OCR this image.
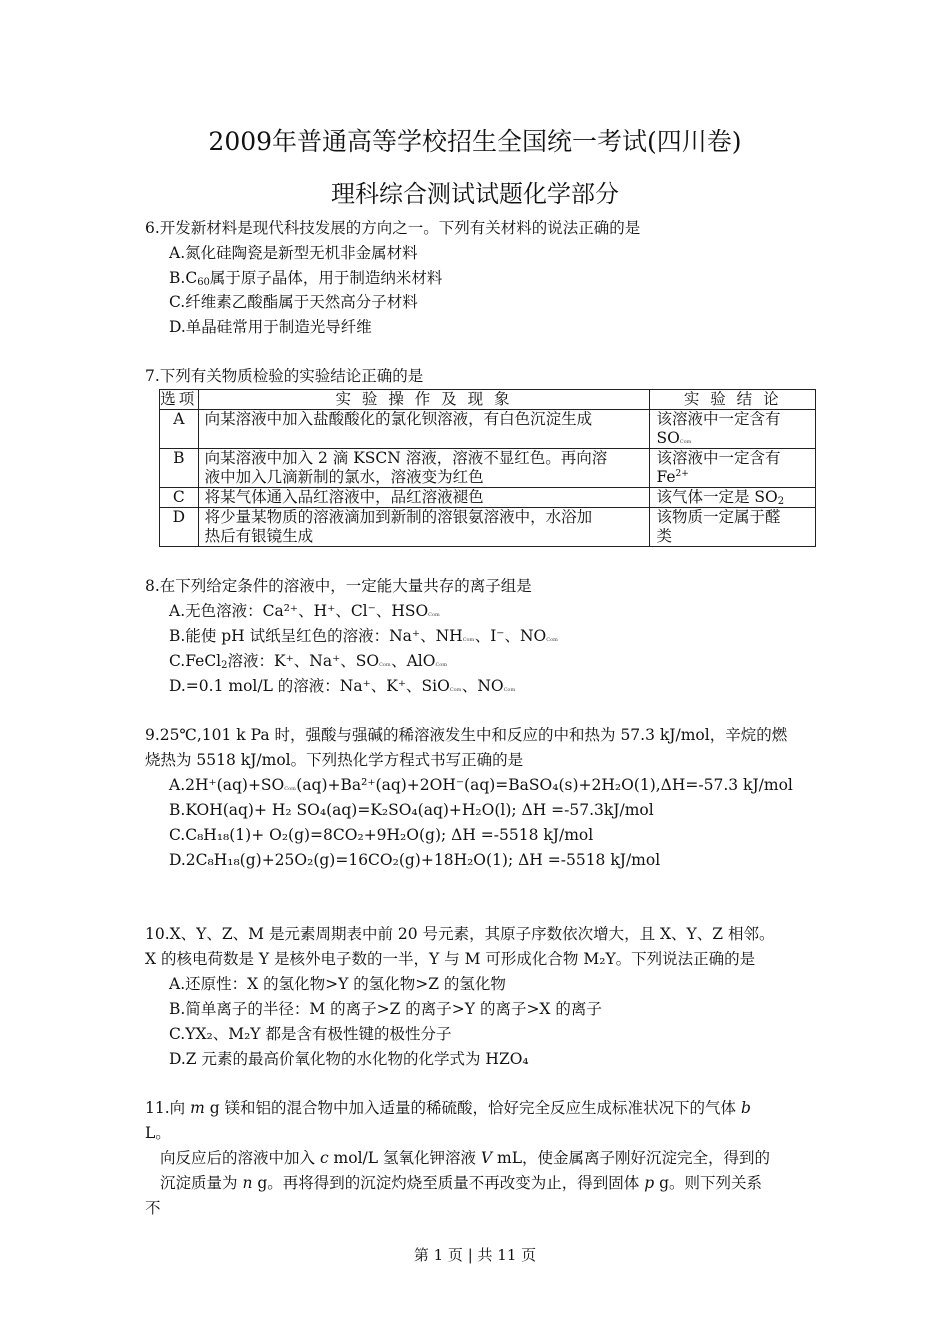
2009年普通高等学校招生全国统一考试(四川卷)
理科综合测试试题化学部分
6.开发新材料是现代科技发展的方向之一。下列有关材料的说法正确的是
A.氮化硅陶瓷是新型无机非金属材料
$B.C_{60}$属于原子晶体，用于制造纳米材料
C.纤维素乙酸酯属于天然高分子材料
D.单晶硅常用于制造光导纤维
7.下列有关物质检验的实验结论正确的是
选项	实 验 操 作 及 现 象	实 验 结 论
A	向某溶液中加入盐酸酸化的氯化钡溶液，有白色沉淀生成	该溶液中一定含有
SOCom
B	向某溶液中加入 2 滴 KSCN 溶液，溶液不显红色。再向溶
液中加入几滴新制的氯水，溶液变为红色	该溶液中一定含有
$Fe^{2+}$
C	将某气体通入品红溶液中，品红溶液褪色	该气体一定是 $SO_2$
D	将少量某物质的溶液滴加到新制的溶银氨溶液中，水浴加
热后有银镜生成	该物质一定属于醛
类
8.在下列给定条件的溶液中，一定能大量共存的离子组是
A.无色溶液：Ca²⁺、H⁺、Cl⁻、HSOCom
B.能使 pH 试纸呈红色的溶液：Na⁺、NHCom、I⁻、NOCom
C.FeCl$_2$溶液：K⁺、Na⁺、SOCom、AlOCom
D.=0.1 mol/L 的溶液：Na⁺、K⁺、SiOCom、NOCom
9.25℃,101 k Pa 时，强酸与强碱的稀溶液发生中和反应的中和热为 57.3 kJ/mol，辛烷的燃
烧热为 5518 kJ/mol。下列热化学方程式书写正确的是
A.2H⁺(aq)+SOCom(aq)+Ba²⁺(aq)+2OH⁻(aq)=BaSO₄(s)+2H₂O(1),ΔH=-57.3 kJ/mol
B.KOH(aq)+ H₂ SO₄(aq)=K₂SO₄(aq)+H₂O(l); ΔH =-57.3kJ/mol
C.C₈H₁₈(1)+ O₂(g)=8CO₂+9H₂O(g); ΔH =-5518 kJ/mol
D.2C₈H₁₈(g)+25O₂(g)=16CO₂(g)+18H₂O(1); ΔH =-5518 kJ/mol
10.X、Y、Z、M 是元素周期表中前 20 号元素，其原子序数依次增大，且 X、Y、Z 相邻。
X 的核电荷数是 Y 是核外电子数的一半，Y 与 M 可形成化合物 M₂Y。下列说法正确的是
A.还原性：X 的氢化物>Y 的氢化物>Z 的氢化物
B.简单离子的半径：M 的离子>Z 的离子>Y 的离子>X 的离子
C.YX₂、M₂Y 都是含有极性键的极性分子
D.Z 元素的最高价氧化物的水化物的化学式为 HZO₄
11.向 m g 镁和铝的混合物中加入适量的稀硫酸，恰好完全反应生成标准状况下的气体 b
L。
向反应后的溶液中加入 c mol/L 氢氧化钾溶液 V mL，使金属离子刚好沉淀完全，得到的
沉淀质量为 n g。再将得到的沉淀灼烧至质量不再改变为止，得到固体 p g。则下列关系
不
第 1 页 | 共 11 页
